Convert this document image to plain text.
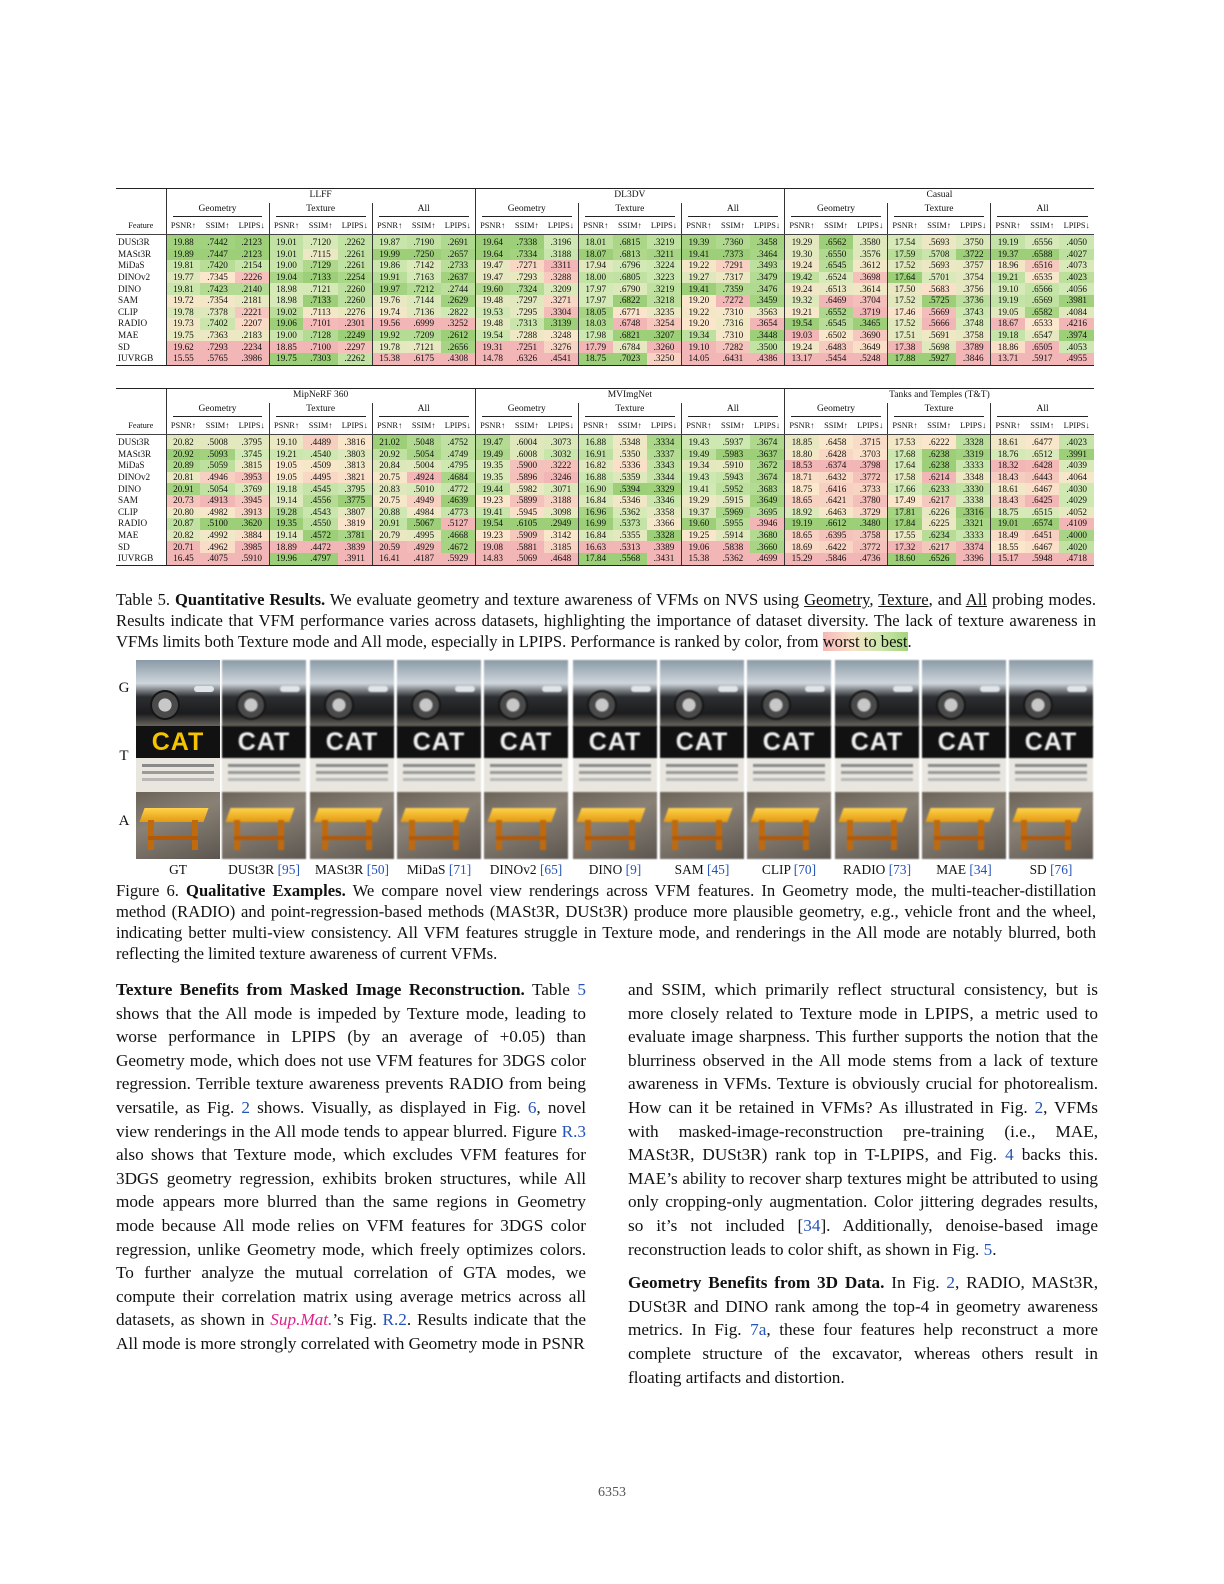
	LLFF									DL3DV									Casual								
	Geometry			Texture			All			Geometry			Texture			All			Geometry			Texture			All		
Feature	PSNR↑	SSIM↑	LPIPS↓	PSNR↑	SSIM↑	LPIPS↓	PSNR↑	SSIM↑	LPIPS↓	PSNR↑	SSIM↑	LPIPS↓	PSNR↑	SSIM↑	LPIPS↓	PSNR↑	SSIM↑	LPIPS↓	PSNR↑	SSIM↑	LPIPS↓	PSNR↑	SSIM↑	LPIPS↓	PSNR↑	SSIM↑	LPIPS↓
DUSt3R	19.88	.7442	.2123	19.01	.7120	.2262	19.87	.7190	.2691	19.64	.7338	.3196	18.01	.6815	.3219	19.39	.7360	.3458	19.29	.6562	.3580	17.54	.5693	.3750	19.19	.6556	.4050
MASt3R	19.89	.7447	.2123	19.01	.7115	.2261	19.99	.7250	.2657	19.64	.7334	.3188	18.07	.6813	.3211	19.41	.7373	.3464	19.30	.6550	.3576	17.59	.5708	.3722	19.37	.6588	.4027
MiDaS	19.81	.7420	.2154	19.00	.7129	.2261	19.86	.7142	.2733	19.47	.7271	.3311	17.94	.6796	.3224	19.22	.7291	.3493	19.24	.6545	.3612	17.52	.5693	.3757	18.96	.6516	.4073
DINOv2	19.77	.7345	.2226	19.04	.7133	.2254	19.91	.7163	.2637	19.47	.7293	.3288	18.00	.6805	.3223	19.27	.7317	.3479	19.42	.6524	.3698	17.64	.5701	.3754	19.21	.6535	.4023
DINO	19.81	.7423	.2140	18.98	.7121	.2260	19.97	.7212	.2744	19.60	.7324	.3209	17.97	.6790	.3219	19.41	.7359	.3476	19.24	.6513	.3614	17.50	.5683	.3756	19.10	.6566	.4056
SAM	19.72	.7354	.2181	18.98	.7133	.2260	19.76	.7144	.2629	19.48	.7297	.3271	17.97	.6822	.3218	19.20	.7272	.3459	19.32	.6469	.3704	17.52	.5725	.3736	19.19	.6569	.3981
CLIP	19.78	.7378	.2221	19.02	.7113	.2276	19.74	.7136	.2822	19.53	.7295	.3304	18.05	.6771	.3235	19.22	.7310	.3563	19.21	.6552	.3719	17.46	.5669	.3743	19.05	.6582	.4084
RADIO	19.73	.7402	.2207	19.06	.7101	.2301	19.56	.6999	.3252	19.48	.7313	.3139	18.03	.6748	.3254	19.20	.7316	.3654	19.54	.6545	.3465	17.52	.5666	.3748	18.67	.6533	.4216
MAE	19.75	.7363	.2183	19.00	.7128	.2249	19.92	.7209	.2612	19.54	.7288	.3248	17.98	.6821	.3207	19.34	.7310	.3448	19.03	.6502	.3690	17.51	.5691	.3758	19.18	.6547	.3974
SD	19.62	.7293	.2234	18.85	.7100	.2297	19.78	.7121	.2656	19.31	.7251	.3276	17.79	.6784	.3260	19.10	.7282	.3500	19.24	.6483	.3649	17.38	.5698	.3789	18.86	.6505	.4053
IUVRGB	15.55	.5765	.3986	19.75	.7303	.2262	15.38	.6175	.4308	14.78	.6326	.4541	18.75	.7023	.3250	14.05	.6431	.4386	13.17	.5454	.5248	17.88	.5927	.3846	13.71	.5917	.4955
	MipNeRF 360									MVImgNet									Tanks and Temples (T&T)								
	Geometry			Texture			All			Geometry			Texture			All			Geometry			Texture			All		
Feature	PSNR↑	SSIM↑	LPIPS↓	PSNR↑	SSIM↑	LPIPS↓	PSNR↑	SSIM↑	LPIPS↓	PSNR↑	SSIM↑	LPIPS↓	PSNR↑	SSIM↑	LPIPS↓	PSNR↑	SSIM↑	LPIPS↓	PSNR↑	SSIM↑	LPIPS↓	PSNR↑	SSIM↑	LPIPS↓	PSNR↑	SSIM↑	LPIPS↓
DUSt3R	20.82	.5008	.3795	19.10	.4489	.3816	21.02	.5048	.4752	19.47	.6004	.3073	16.88	.5348	.3334	19.43	.5937	.3674	18.85	.6458	.3715	17.53	.6222	.3328	18.61	.6477	.4023
MASt3R	20.92	.5093	.3745	19.21	.4540	.3803	20.92	.5054	.4749	19.49	.6008	.3032	16.91	.5350	.3337	19.49	.5983	.3637	18.80	.6428	.3703	17.68	.6238	.3319	18.76	.6512	.3991
MiDaS	20.89	.5059	.3815	19.05	.4509	.3813	20.84	.5004	.4795	19.35	.5900	.3222	16.82	.5336	.3343	19.34	.5910	.3672	18.53	.6374	.3798	17.64	.6238	.3333	18.32	.6428	.4039
DINOv2	20.81	.4946	.3953	19.05	.4495	.3821	20.75	.4924	.4684	19.35	.5896	.3246	16.88	.5359	.3344	19.43	.5943	.3674	18.71	.6432	.3772	17.58	.6214	.3348	18.43	.6443	.4064
DINO	20.91	.5054	.3769	19.18	.4545	.3795	20.83	.5010	.4772	19.44	.5982	.3071	16.90	.5394	.3329	19.41	.5952	.3683	18.75	.6416	.3733	17.66	.6233	.3330	18.61	.6467	.4030
SAM	20.73	.4913	.3945	19.14	.4556	.3775	20.75	.4949	.4639	19.23	.5899	.3188	16.84	.5346	.3346	19.29	.5915	.3649	18.65	.6421	.3780	17.49	.6217	.3338	18.43	.6425	.4029
CLIP	20.80	.4982	.3913	19.28	.4543	.3807	20.88	.4984	.4773	19.41	.5945	.3098	16.96	.5362	.3358	19.37	.5969	.3695	18.92	.6463	.3729	17.81	.6226	.3316	18.75	.6515	.4052
RADIO	20.87	.5100	.3620	19.35	.4550	.3819	20.91	.5067	.5127	19.54	.6105	.2949	16.99	.5373	.3366	19.60	.5955	.3946	19.19	.6612	.3480	17.84	.6225	.3321	19.01	.6574	.4109
MAE	20.82	.4992	.3884	19.14	.4572	.3781	20.79	.4995	.4668	19.23	.5909	.3142	16.84	.5355	.3328	19.25	.5914	.3680	18.65	.6395	.3758	17.55	.6234	.3333	18.49	.6451	.4000
SD	20.71	.4962	.3985	18.89	.4472	.3839	20.59	.4929	.4672	19.08	.5881	.3185	16.63	.5313	.3389	19.06	.5838	.3660	18.69	.6422	.3772	17.32	.6217	.3374	18.55	.6467	.4020
IUVRGB	16.45	.4075	.5910	19.96	.4797	.3911	16.41	.4187	.5929	14.83	.5069	.4648	17.84	.5568	.3431	15.38	.5362	.4699	15.29	.5846	.4736	18.60	.6526	.3396	15.17	.5948	.4718
Table 5. Quantitative Results. We evaluate geometry and texture awareness of VFMs on NVS using Geometry, Texture, and All probing modes. Results indicate that VFM performance varies across datasets, highlighting the importance of dataset diversity. The lack of texture awareness in VFMs limits both Texture mode and All mode, especially in LPIPS. Performance is ranked by color, from worst to best.
G
T
A
CAT
GT
CAT
DUSt3R [95]
CAT
MASt3R [50]
CAT
MiDaS [71]
CAT
DINOv2 [65]
CAT
DINO [9]
CAT
SAM [45]
CAT
CLIP [70]
CAT
RADIO [73]
CAT
MAE [34]
CAT
SD [76]
Figure 6. Qualitative Examples. We compare novel view renderings across VFM features. In Geometry mode, the multi-teacher-distillation method (RADIO) and point-regression-based methods (MASt3R, DUSt3R) produce more plausible geometry, e.g., vehicle front and the wheel, indicating better multi-view consistency. All VFM features struggle in Texture mode, and renderings in the All mode are notably blurred, both reflecting the limited texture awareness of current VFMs.

Texture Benefits from Masked Image Reconstruction. Table 5 shows that the All mode is impeded by Texture mode, leading to worse performance in LPIPS (by an average of +0.05) than Geometry mode, which does not use VFM features for 3DGS color regression. Terrible texture awareness prevents RADIO from being versatile, as Fig. 2 shows. Visually, as displayed in Fig. 6, novel view renderings in the All mode tends to appear blurred. Figure R.3 also shows that Texture mode, which excludes VFM features for 3DGS geometry regression, exhibits broken structures, while All mode appears more blurred than the same regions in Geometry mode because All mode relies on VFM features for 3DGS color regression, unlike Geometry mode, which freely optimizes colors. To further analyze the mutual correlation of GTA modes, we compute their correlation matrix using average metrics across all datasets, as shown in Sup.Mat.’s Fig. R.2. Results indicate that the All mode is more strongly correlated with Geometry mode in PSNR

and SSIM, which primarily reflect structural consistency, but is more closely related to Texture mode in LPIPS, a metric used to evaluate image sharpness. This further supports the notion that the blurriness observed in the All mode stems from a lack of texture awareness in VFMs. Texture is obviously crucial for photorealism. How can it be retained in VFMs? As illustrated in Fig. 2, VFMs with masked-image-reconstruction pre-training (i.e., MAE, MASt3R, DUSt3R) rank top in T-LPIPS, and Fig. 4 backs this. MAE’s ability to recover sharp textures might be attributed to using only cropping-only augmentation. Color jittering degrades results, so it’s not included [34]. Additionally, denoise-based image reconstruction leads to color shift, as shown in Fig. 5.

Geometry Benefits from 3D Data. In Fig. 2, RADIO, MASt3R, DUSt3R and DINO rank among the top-4 in geometry awareness metrics. In Fig. 7a, these four features help reconstruct a more complete structure of the excavator, whereas others result in floating artifacts and distortion.

6353
